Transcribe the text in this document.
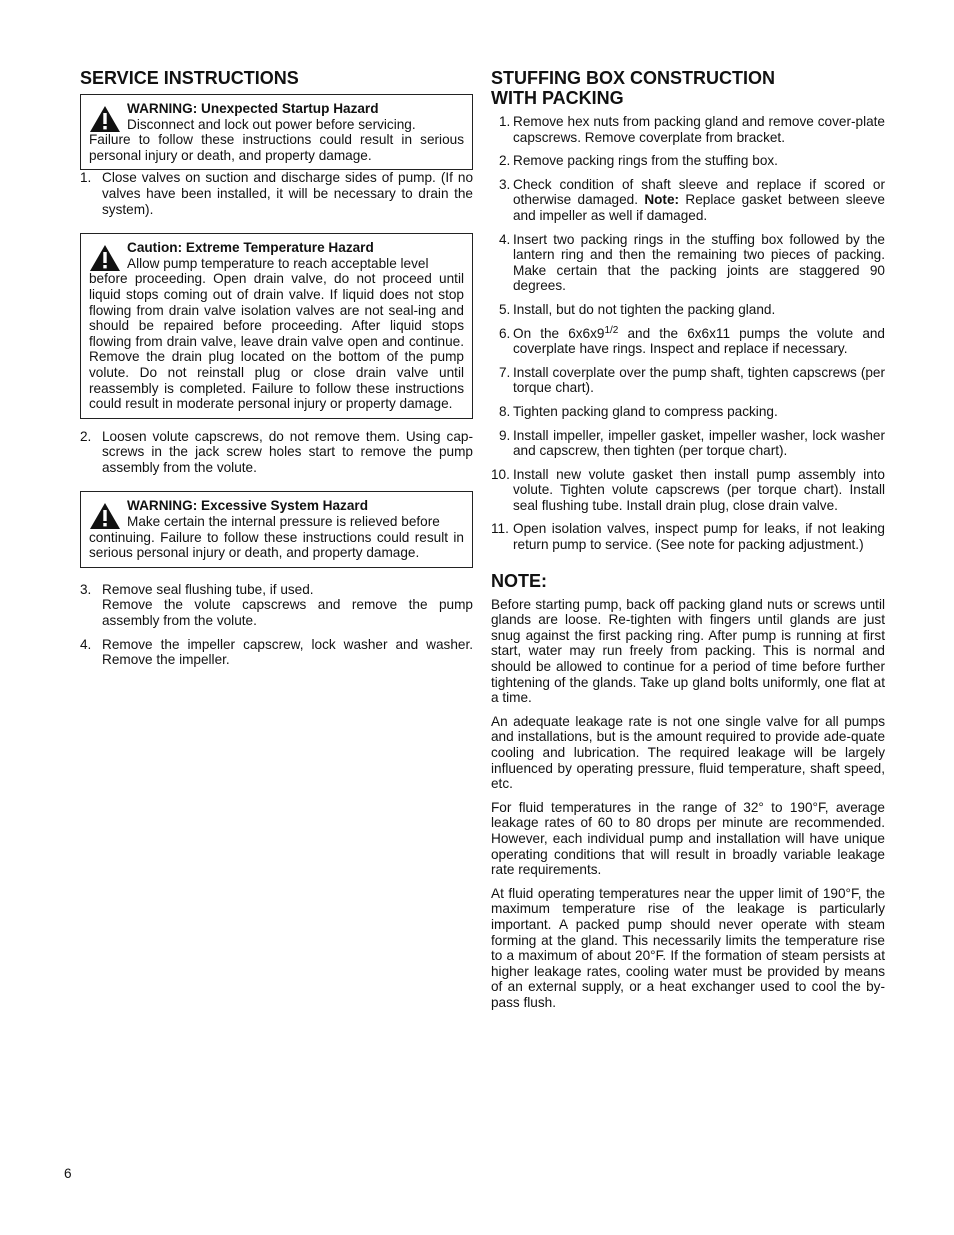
SERVICE INSTRUCTIONS
WARNING: Unexpected Startup Hazard
Disconnect and lock out power before servicing.
Failure to follow these instructions could result in serious personal injury or death, and property damage.
1. Close valves on suction and discharge sides of pump. (If no valves have been installed, it will be necessary to drain the system).
Caution: Extreme Temperature Hazard
Allow pump temperature to reach acceptable level
before proceeding. Open drain valve, do not proceed until liquid stops coming out of drain valve. If liquid does not stop flowing from drain valve isolation valves are not seal-ing and should be repaired before proceeding. After liquid stops flowing from drain valve, leave drain valve open and continue. Remove the drain plug located on the bottom of the pump volute. Do not reinstall plug or close drain valve until reassembly is completed. Failure to follow these instructions could result in moderate personal injury or property damage.
2. Loosen volute capscrews, do not remove them. Using cap-screws in the jack screw holes start to remove the pump assembly from the volute.
WARNING: Excessive System Hazard
Make certain the internal pressure is relieved before
continuing. Failure to follow these instructions could result in serious personal injury or death, and property damage.
3. Remove seal flushing tube, if used.
Remove the volute capscrews and remove the pump assembly from the volute.
4. Remove the impeller capscrew, lock washer and washer. Remove the impeller.
STUFFING BOX CONSTRUCTION
WITH PACKING
1. Remove hex nuts from packing gland and remove cover-plate capscrews. Remove coverplate from bracket.
2. Remove packing rings from the stuffing box.
3. Check condition of shaft sleeve and replace if scored or otherwise damaged. Note: Replace gasket between sleeve and impeller as well if damaged.
4. Insert two packing rings in the stuffing box followed by the lantern ring and then the remaining two pieces of packing. Make certain that the packing joints are staggered 90 degrees.
5. Install, but do not tighten the packing gland.
6. On the $6x6x9^{1/2}$ and the 6x6x11 pumps the volute and coverplate have rings. Inspect and replace if necessary.
7. Install coverplate over the pump shaft, tighten capscrews (per torque chart).
8. Tighten packing gland to compress packing.
9. Install impeller, impeller gasket, impeller washer, lock washer and capscrew, then tighten (per torque chart).
10. Install new volute gasket then install pump assembly into volute. Tighten volute capscrews (per torque chart). Install seal flushing tube. Install drain plug, close drain valve.
11. Open isolation valves, inspect pump for leaks, if not leaking return pump to service. (See note for packing adjustment.)
NOTE:

Before starting pump, back off packing gland nuts or screws until glands are loose. Re-tighten with fingers until glands are just snug against the first packing ring. After pump is running at first start, water may run freely from packing. This is normal and should be allowed to continue for a period of time before further tightening of the glands. Take up gland bolts uniformly, one flat at a time.

An adequate leakage rate is not one single valve for all pumps and installations, but is the amount required to provide ade-quate cooling and lubrication. The required leakage will be largely influenced by operating pressure, fluid temperature, shaft speed, etc.

For fluid temperatures in the range of 32° to 190°F, average leakage rates of 60 to 80 drops per minute are recommended. However, each individual pump and installation will have unique operating conditions that will result in broadly variable leakage rate requirements.

At fluid operating temperatures near the upper limit of 190°F, the maximum temperature rise of the leakage is particularly important. A packed pump should never operate with steam forming at the gland. This necessarily limits the temperature rise to a maximum of about 20°F. If the formation of steam persists at higher leakage rates, cooling water must be provided by means of an external supply, or a heat exchanger used to cool the by-pass flush.

6
